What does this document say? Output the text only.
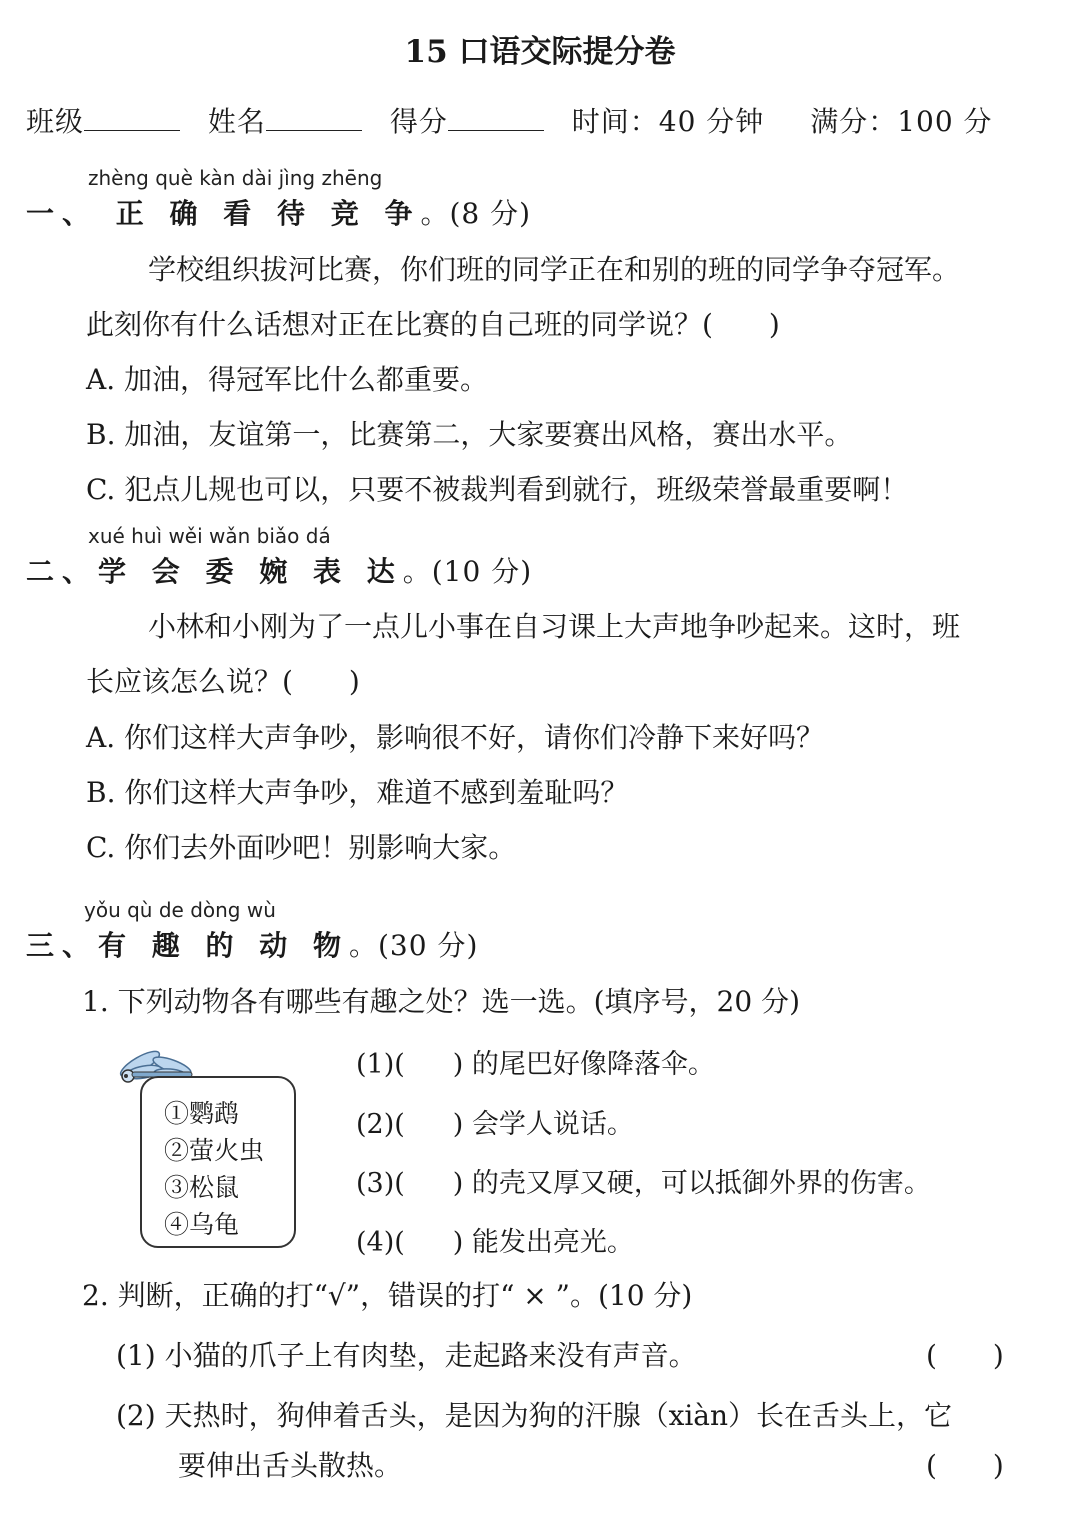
15 口语交际提分卷
班级	姓名	得分	时间：40 分钟 满分：100 分
zhèng què kàn dài jìng zhēng
一、 正 确 看 待 竞 争。(8 分)
学校组织拔河比赛，你们班的同学正在和别的班的同学争夺冠军。
此刻你有什么话想对正在比赛的自己班的同学说？(　　)
A. 加油，得冠军比什么都重要。
B. 加油，友谊第一，比赛第二，大家要赛出风格，赛出水平。
C. 犯点儿规也可以，只要不被裁判看到就行，班级荣誉最重要啊！
xué huì wěi wǎn biǎo dá
二、学 会 委 婉 表 达。(10 分)
小林和小刚为了一点儿小事在自习课上大声地争吵起来。这时，班
长应该怎么说？(　　)
A. 你们这样大声争吵，影响很不好，请你们冷静下来好吗？
B. 你们这样大声争吵，难道不感到羞耻吗？
C. 你们去外面吵吧！别影响大家。
yǒu qù de dòng wù
三、有 趣 的 动 物。(30 分)
1. 下列动物各有哪些有趣之处？选一选。(填序号，20 分)
①鹦鹉
②萤火虫
③松鼠
④乌龟
(1)( ) 的尾巴好像降落伞。
(2)( ) 会学人说话。
(3)( ) 的壳又厚又硬，可以抵御外界的伤害。
(4)( ) 能发出亮光。
2. 判断，正确的打“√”，错误的打“ × ”。(10 分)
(1) 小猫的爪子上有肉垫，走起路来没有声音。	(　　)
(2) 天热时，狗伸着舌头，是因为狗的汗腺（xiàn）长在舌头上，它
要伸出舌头散热。	(　　)
